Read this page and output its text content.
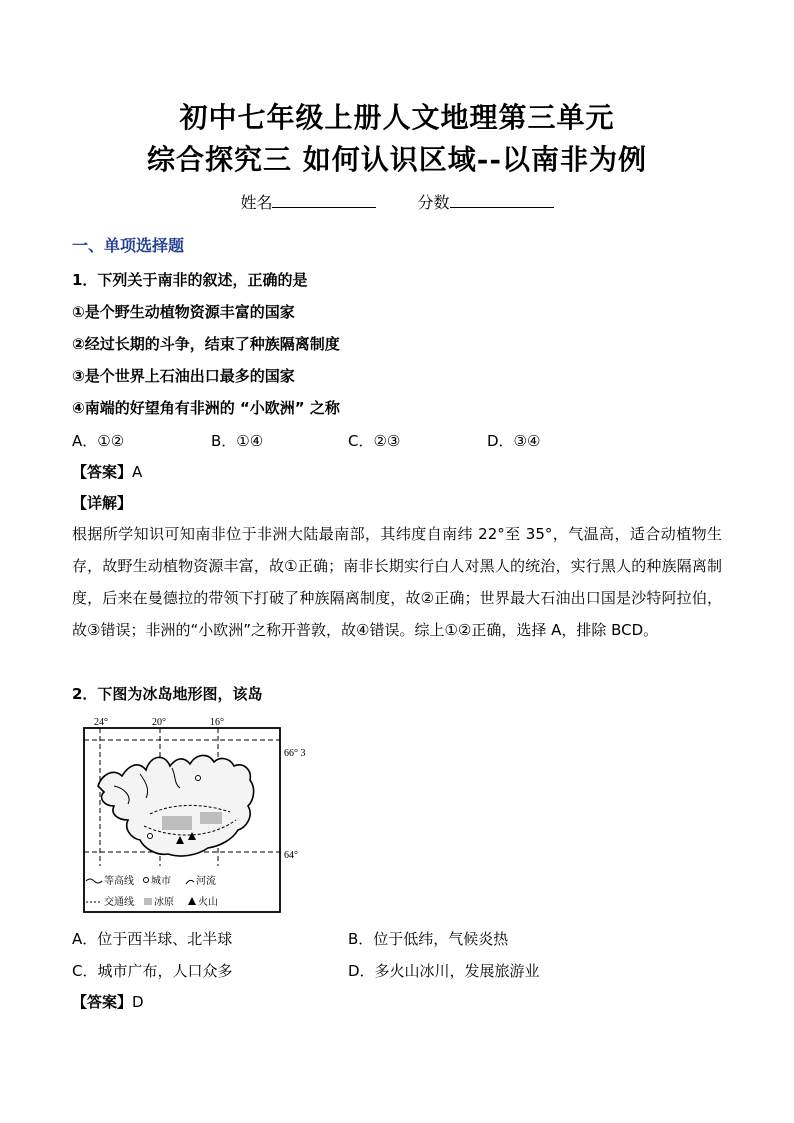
初中七年级上册人文地理第三单元
综合探究三 如何认识区域--以南非为例
姓名	分数
一、单项选择题
1．下列关于南非的叙述，正确的是
①是个野生动植物资源丰富的国家
②经过长期的斗争，结束了种族隔离制度
③是个世界上石油出口最多的国家
④南端的好望角有非洲的 “小欧洲” 之称
A．①②	B．①④	C．②③	D．③④
【答案】A
【详解】
根据所学知识可知南非位于非洲大陆最南部，其纬度自南纬 22°至 35°，气温高，适合动植物生存，故野生动植物资源丰富，故①正确；南非长期实行白人对黑人的统治，实行黑人的种族隔离制度，后来在曼德拉的带领下打破了种族隔离制度，故②正确；世界最大石油出口国是沙特阿拉伯，故③错误；非洲的“小欧洲”之称开普敦，故④错误。综上①②正确，选择 A，排除 BCD。
2．下图为冰岛地形图，该岛
24°	20°	16°
66° 3
64°
等高线 城市	河流
交通线 冰原 火山
A．位于西半球、北半球	B．位于低纬，气候炎热
C．城市广布，人口众多	D．多火山冰川，发展旅游业
【答案】D
